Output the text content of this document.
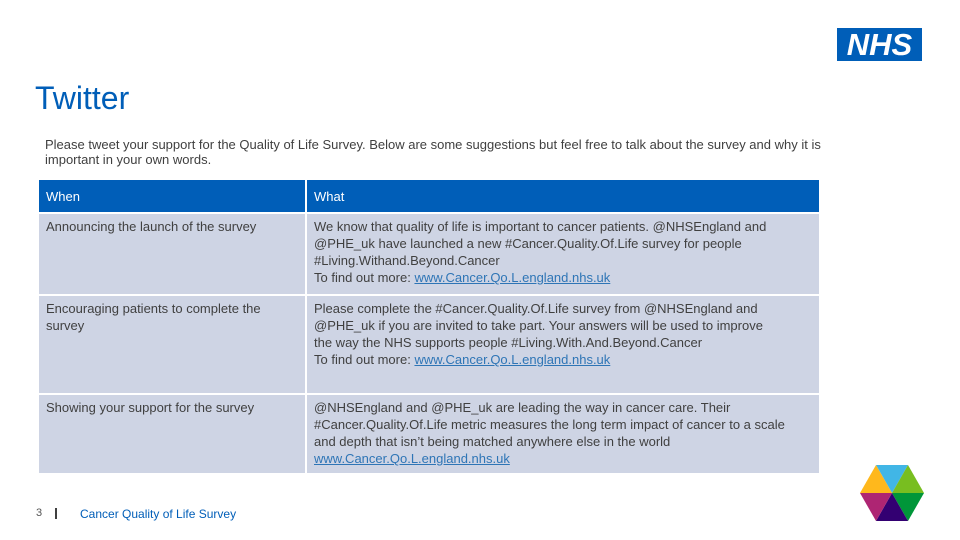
NHS
Twitter
Please tweet your support for the Quality of Life Survey. Below are some suggestions but feel free to talk about the survey and why it is important in your own words.
When	What
Announcing the launch of the survey	We know that quality of life is important to cancer patients. @NHSEngland and
@PHE_uk have launched a new #Cancer.Quality.Of.Life survey for people
#Living.Withand.Beyond.Cancer
To find out more: www.Cancer.Qo.L.england.nhs.uk

Encouraging patients to complete the survey	Please complete the #Cancer.Quality.Of.Life survey from @NHSEngland and
@PHE_uk if you are invited to take part. Your answers will be used to improve
the way the NHS supports people #Living.With.And.Beyond.Cancer
To find out more: www.Cancer.Qo.L.england.nhs.uk

Showing your support for the survey	@NHSEngland and @PHE_uk are leading the way in cancer care. Their
#Cancer.Quality.Of.Life metric measures the long term impact of cancer to a scale
and depth that isn’t being matched anywhere else in the world
www.Cancer.Qo.L.england.nhs.uk
3	Cancer Quality of Life Survey
